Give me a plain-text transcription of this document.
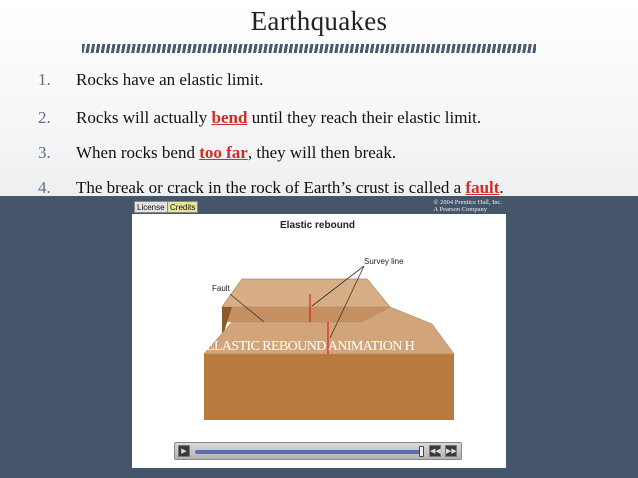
Earthquakes
1. Rocks have an elastic limit.
2. Rocks will actually bend until they reach their elastic limit.
3. When rocks bend too far, they will then break.
4. The break or crack in the rock of Earth’s crust is called a fault.
License Credits
© 2004 Prentice Hall, Inc.
A Pearson Company
Elastic rebound
Survey line
Fault
ELASTIC REBOUND ANIMATION H
▶	◀◀ ▶▶
